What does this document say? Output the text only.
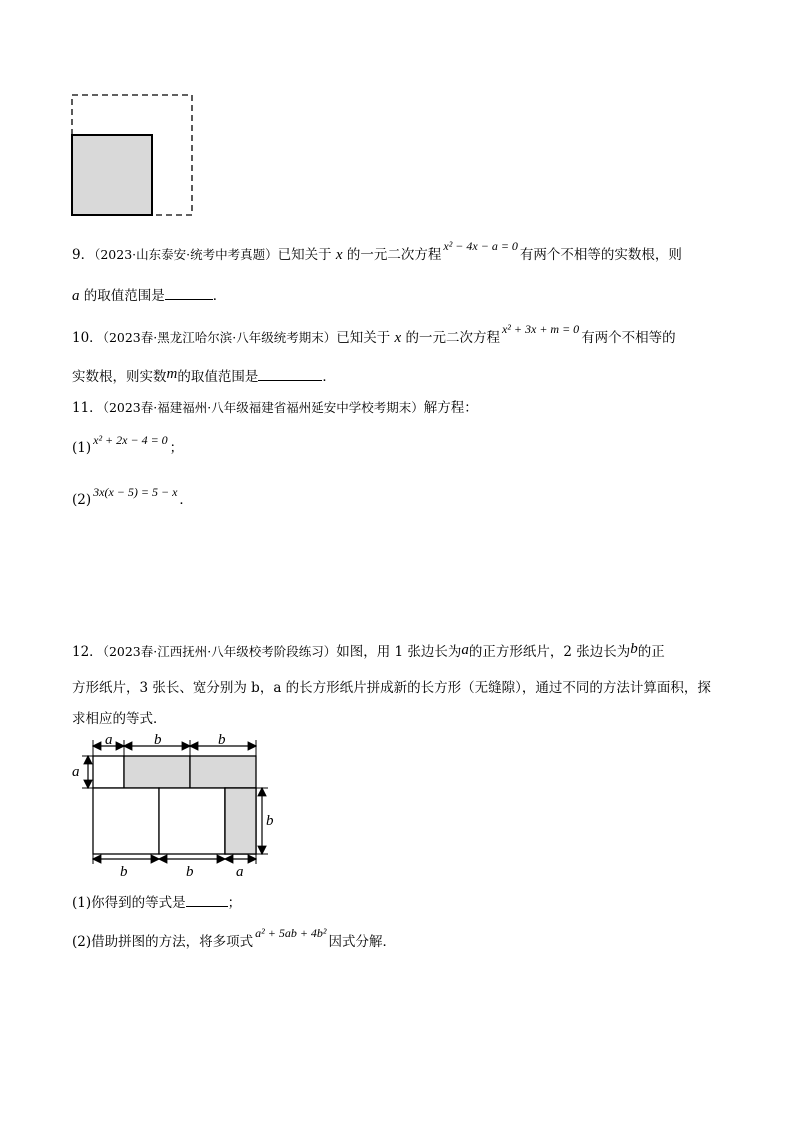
9．（2023·山东泰安·统考中考真题）已知关于 x 的一元二次方程x² − 4x − a = 0有两个不相等的实数根，则
a 的取值范围是	．
10．（2023春·黑龙江哈尔滨·八年级统考期末）已知关于 x 的一元二次方程x² + 3x + m = 0有两个不相等的
实数根，则实数m的取值范围是	．
11．（2023春·福建福州·八年级福建省福州延安中学校考期末）解方程：
(1) x² + 2x − 4 = 0 ；
(2) 3x(x − 5) = 5 − x ．
12．（2023春·江西抚州·八年级校考阶段练习）如图，用 1 张边长为a的正方形纸片，2 张边长为b的正
方形纸片，3 张长、宽分别为 b，a 的长方形纸片拼成新的长方形（无缝隙），通过不同的方法计算面积，探
求相应的等式．
a	b	b
a
b
b	b	a
(1)你得到的等式是	；
(2)借助拼图的方法，将多项式a² + 5ab + 4b²因式分解．
